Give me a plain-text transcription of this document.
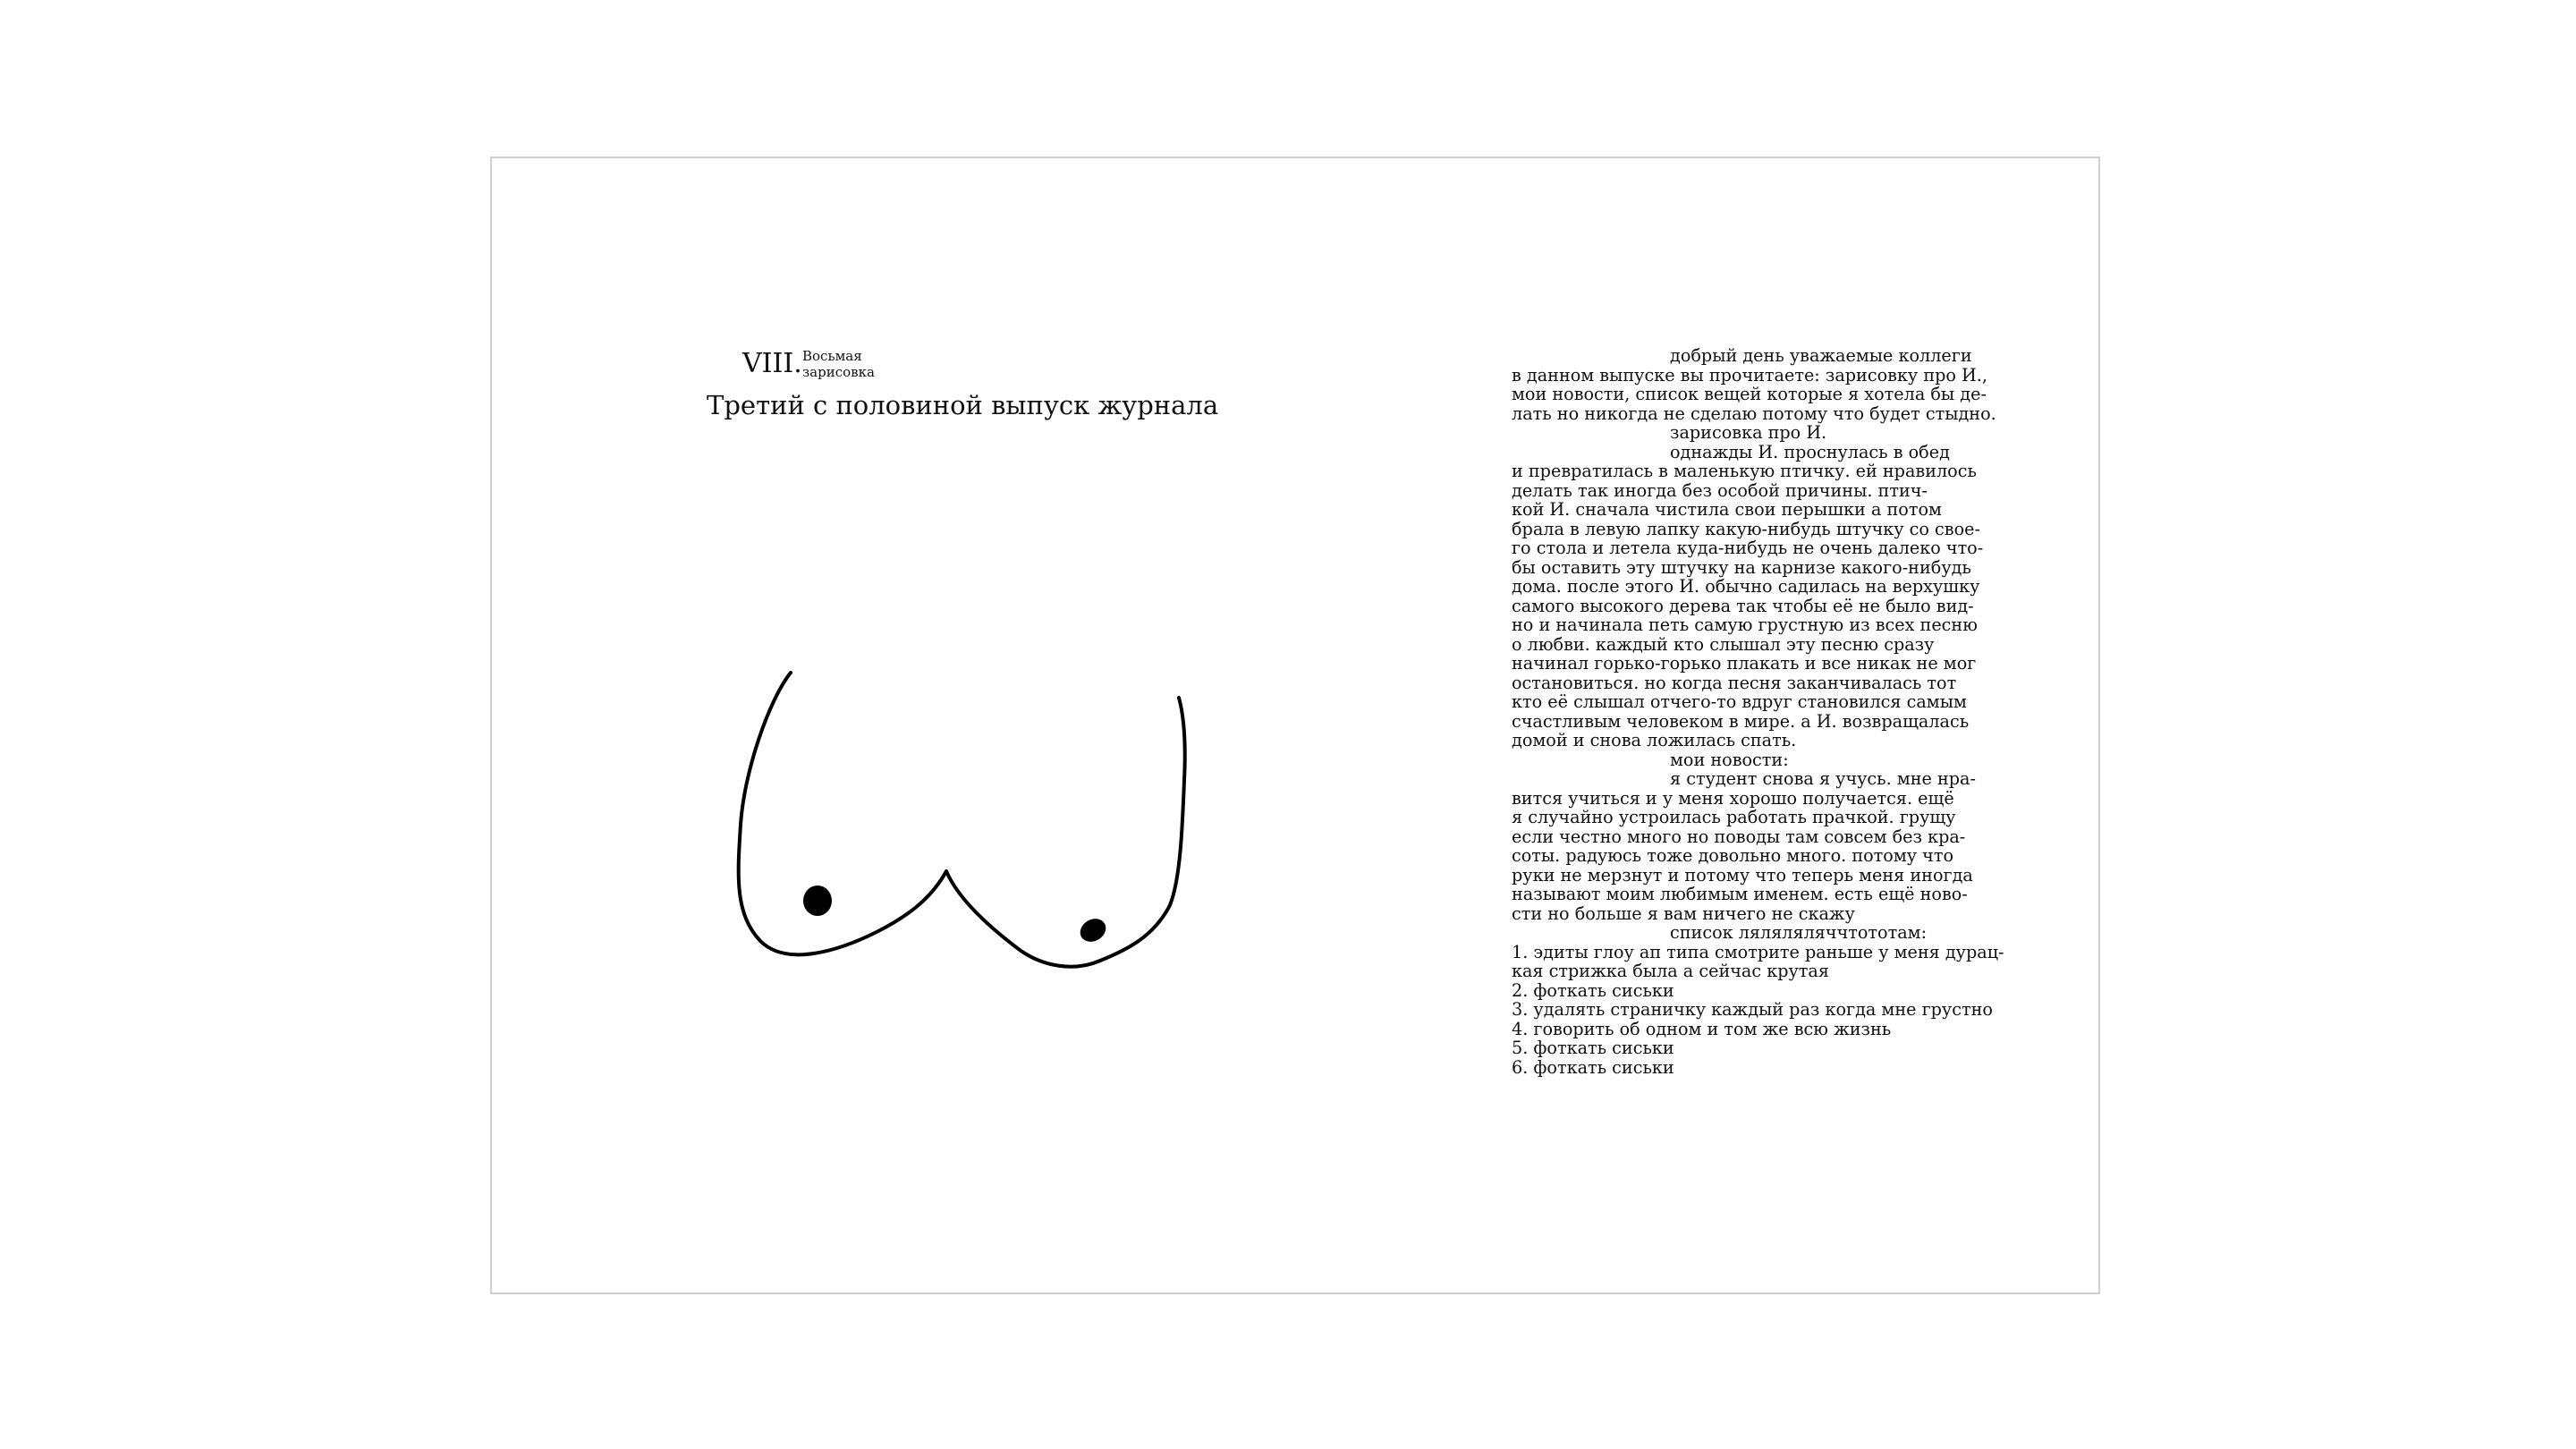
VIII. Восьмая
зарисовка
Третий с половиной выпуск журнала
добрый день уважаемые коллеги
в данном выпуске вы прочитаете: зарисовку про И.,
мои новости, список вещей которые я хотела бы де-
лать но никогда не сделаю потому что будет стыдно.
зарисовка про И.
однажды И. проснулась в обед
и превратилась в маленькую птичку. ей нравилось
делать так иногда без особой причины. птич-
кой И. сначала чистила свои перышки а потом
брала в левую лапку какую-нибудь штучку со свое-
го стола и летела куда-нибудь не очень далеко что-
бы оставить эту штучку на карнизе какого-нибудь
дома. после этого И. обычно садилась на верхушку
самого высокого дерева так чтобы её не было вид-
но и начинала петь самую грустную из всех песню
о любви. каждый кто слышал эту песню сразу
начинал горько-горько плакать и все никак не мог
остановиться. но когда песня заканчивалась тот
кто её слышал отчего-то вдруг становился самым
счастливым человеком в мире. а И. возвращалась
домой и снова ложилась спать.
мои новости:
я студент снова я учусь. мне нра-
вится учиться и у меня хорошо получается. ещё
я случайно устроилась работать прачкой. грущу
если честно много но поводы там совсем без кра-
соты. радуюсь тоже довольно много. потому что
руки не мерзнут и потому что теперь меня иногда
называют моим любимым именем. есть ещё ново-
сти но больше я вам ничего не скажу
список ляляляляччтототам:
1. эдиты глоу ап типа смотрите раньше у меня дурац-
кая стрижка была а сейчас крутая
2. фоткать сиськи
3. удалять страничку каждый раз когда мне грустно
4. говорить об одном и том же всю жизнь
5. фоткать сиськи
6. фоткать сиськи
